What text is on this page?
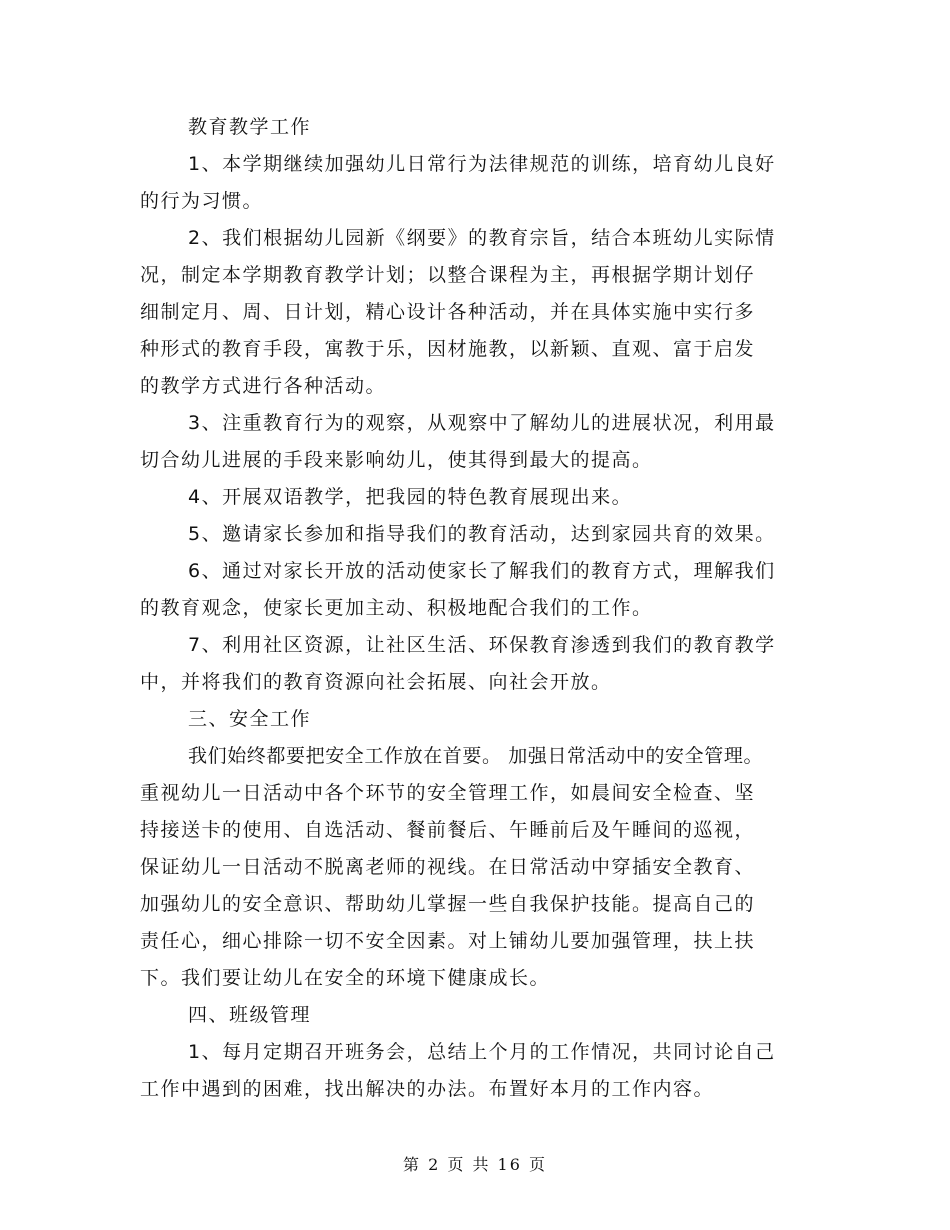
教育教学工作
1、本学期继续加强幼儿日常行为法律规范的训练，培育幼儿良好
的行为习惯。
2、我们根据幼儿园新《纲要》的教育宗旨，结合本班幼儿实际情
况，制定本学期教育教学计划；以整合课程为主，再根据学期计划仔
细制定月、周、日计划，精心设计各种活动，并在具体实施中实行多
种形式的教育手段，寓教于乐，因材施教，以新颖、直观、富于启发
的教学方式进行各种活动。
3、注重教育行为的观察，从观察中了解幼儿的进展状况，利用最
切合幼儿进展的手段来影响幼儿，使其得到最大的提高。
4、开展双语教学，把我园的特色教育展现出来。
5、邀请家长参加和指导我们的教育活动，达到家园共育的效果。
6、通过对家长开放的活动使家长了解我们的教育方式，理解我们
的教育观念，使家长更加主动、积极地配合我们的工作。
7、利用社区资源，让社区生活、环保教育渗透到我们的教育教学
中，并将我们的教育资源向社会拓展、向社会开放。
三、安全工作
我们始终都要把安全工作放在首要。 加强日常活动中的安全管理。
重视幼儿一日活动中各个环节的安全管理工作，如晨间安全检查、坚
持接送卡的使用、自选活动、餐前餐后、午睡前后及午睡间的巡视，
保证幼儿一日活动不脱离老师的视线。在日常活动中穿插安全教育、
加强幼儿的安全意识、帮助幼儿掌握一些自我保护技能。提高自己的
责任心，细心排除一切不安全因素。对上铺幼儿要加强管理，扶上扶
下。我们要让幼儿在安全的环境下健康成长。
四、班级管理
1、每月定期召开班务会，总结上个月的工作情况，共同讨论自己
工作中遇到的困难，找出解决的办法。布置好本月的工作内容。
第 2 页 共 16 页
